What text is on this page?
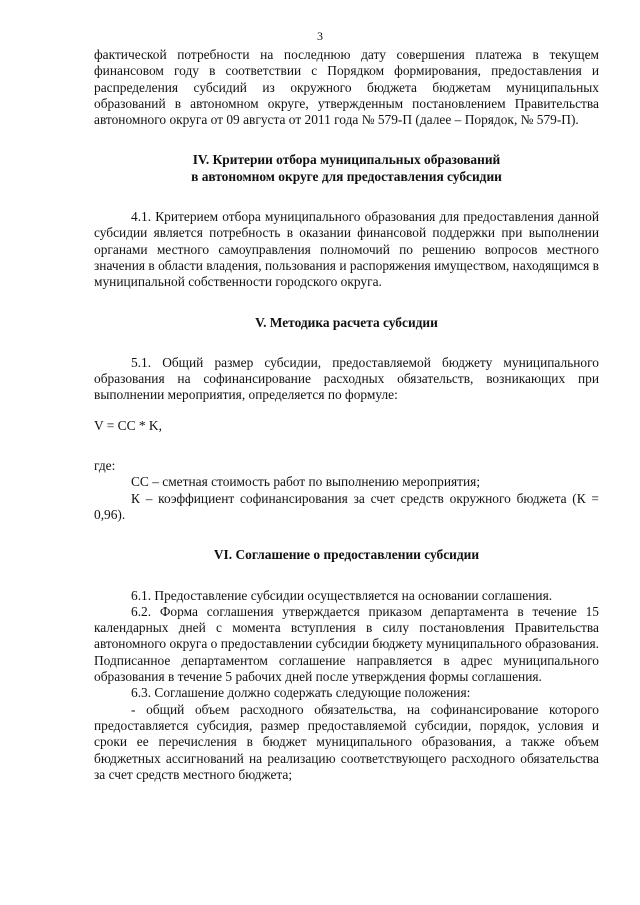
3

фактической потребности на последнюю дату совершения платежа в текущем финансовом году в соответствии с Порядком формирования, предоставления и распределения субсидий из окружного бюджета бюджетам муниципальных образований в автономном округе, утвержденным постановлением Правительства автономного округа от 09 августа от 2011 года № 579-П (далее – Порядок, № 579-П).

IV. Критерии отбора муниципальных образований
в автономном округе для предоставления субсидии

4.1. Критерием отбора муниципального образования для предоставления данной субсидии является потребность в оказании финансовой поддержки при выполнении органами местного самоуправления полномочий по решению вопросов местного значения в области владения, пользования и распоряжения имуществом, находящимся в муниципальной собственности городского округа.

V. Методика расчета субсидии

5.1. Общий размер субсидии, предоставляемой бюджету муниципального образования на софинансирование расходных обязательств, возникающих при выполнении мероприятия, определяется по формуле:

V = CC * K,

где:

СС – сметная стоимость работ по выполнению мероприятия;

К – коэффициент софинансирования за счет средств окружного бюджета (К = 0,96).

VI. Соглашение о предоставлении субсидии

6.1. Предоставление субсидии осуществляется на основании соглашения.

6.2. Форма соглашения утверждается приказом департамента в течение 15 календарных дней с момента вступления в силу постановления Правительства автономного округа о предоставлении субсидии бюджету муниципального образования. Подписанное департаментом соглашение направляется в адрес муниципального образования в течение 5 рабочих дней после утверждения формы соглашения.

6.3. Соглашение должно содержать следующие положения:

- общий объем расходного обязательства, на софинансирование которого предоставляется субсидия, размер предоставляемой субсидии, порядок, условия и сроки ее перечисления в бюджет муниципального образования, а также объем бюджетных ассигнований на реализацию соответствующего расходного обязательства за счет средств местного бюджета;
